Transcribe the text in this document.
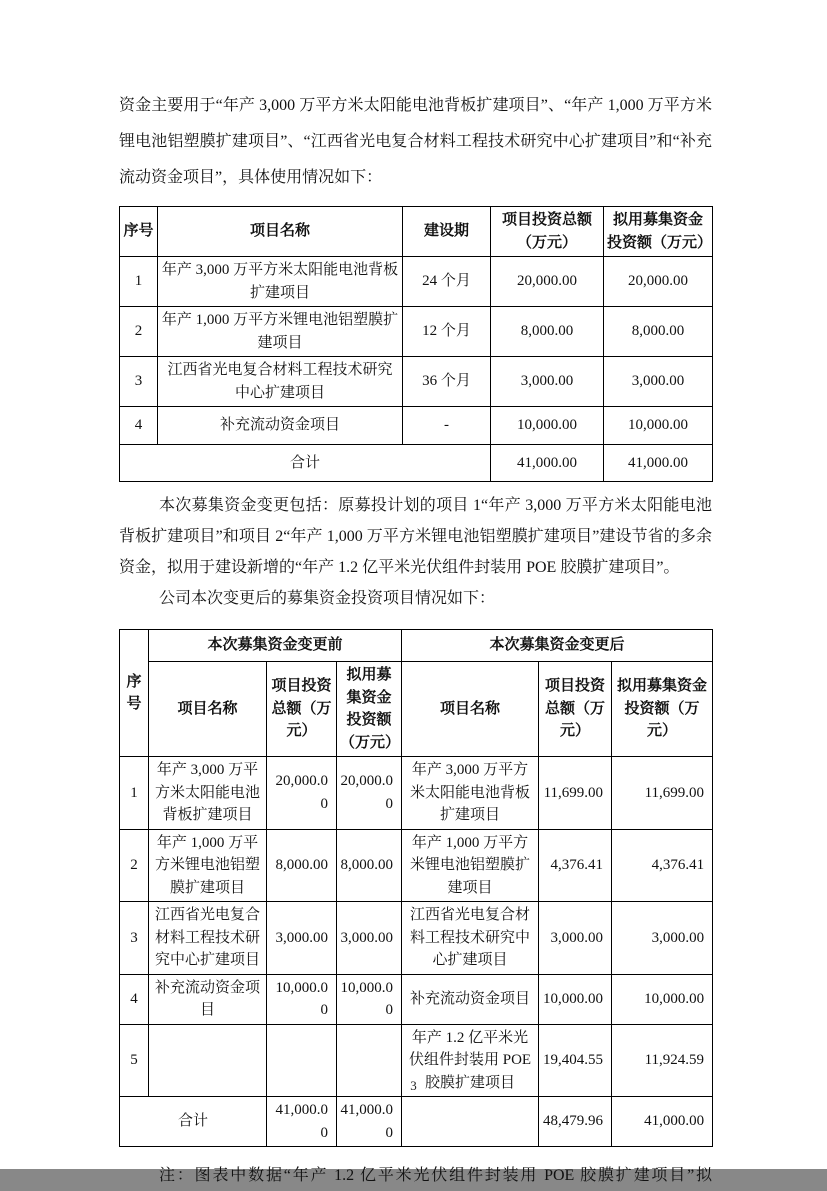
资金主要用于“年产 3,000 万平方米太阳能电池背板扩建项目”、“年产 1,000 万平方米锂电池铝塑膜扩建项目”、“江西省光电复合材料工程技术研究中心扩建项目”和“补充流动资金项目”，具体使用情况如下：

序号	项目名称	建设期	项目投资总额（万元）	拟用募集资金投资额（万元）
1	年产 3,000 万平方米太阳能电池背板扩建项目	24 个月	20,000.00	20,000.00
2	年产 1,000 万平方米锂电池铝塑膜扩建项目	12 个月	8,000.00	8,000.00
3	江西省光电复合材料工程技术研究中心扩建项目	36 个月	3,000.00	3,000.00
4	补充流动资金项目	-	10,000.00	10,000.00
合计			41,000.00	41,000.00

本次募集资金变更包括：原募投计划的项目 1“年产 3,000 万平方米太阳能电池背板扩建项目”和项目 2“年产 1,000 万平方米锂电池铝塑膜扩建项目”建设节省的多余资金，拟用于建设新增的“年产 1.2 亿平米光伏组件封装用 POE 胶膜扩建项目”。

公司本次变更后的募集资金投资项目情况如下：

序号	本次募集资金变更前			本次募集资金变更后		
	项目名称	项目投资总额（万元）	拟用募集资金投资额（万元）	项目名称	项目投资总额（万元）	拟用募集资金投资额（万元）
1	年产 3,000 万平方米太阳能电池背板扩建项目	20,000.00	20,000.00	年产 3,000 万平方米太阳能电池背板扩建项目	11,699.00	11,699.00
2	年产 1,000 万平方米锂电池铝塑膜扩建项目	8,000.00	8,000.00	年产 1,000 万平方米锂电池铝塑膜扩建项目	4,376.41	4,376.41
3	江西省光电复合材料工程技术研究中心扩建项目	3,000.00	3,000.00	江西省光电复合材料工程技术研究中心扩建项目	3,000.00	3,000.00
4	补充流动资金项目	10,000.00	10,000.00	补充流动资金项目	10,000.00	10,000.00
5				年产 1.2 亿平米光伏组件封装用 POE 胶膜扩建项目	19,404.55	11,924.59
合计		41,000.00	41,000.00		48,479.96	41,000.00

注：图表中数据“年产 1.2 亿平米光伏组件封装用 POE 胶膜扩建项目”拟

3
